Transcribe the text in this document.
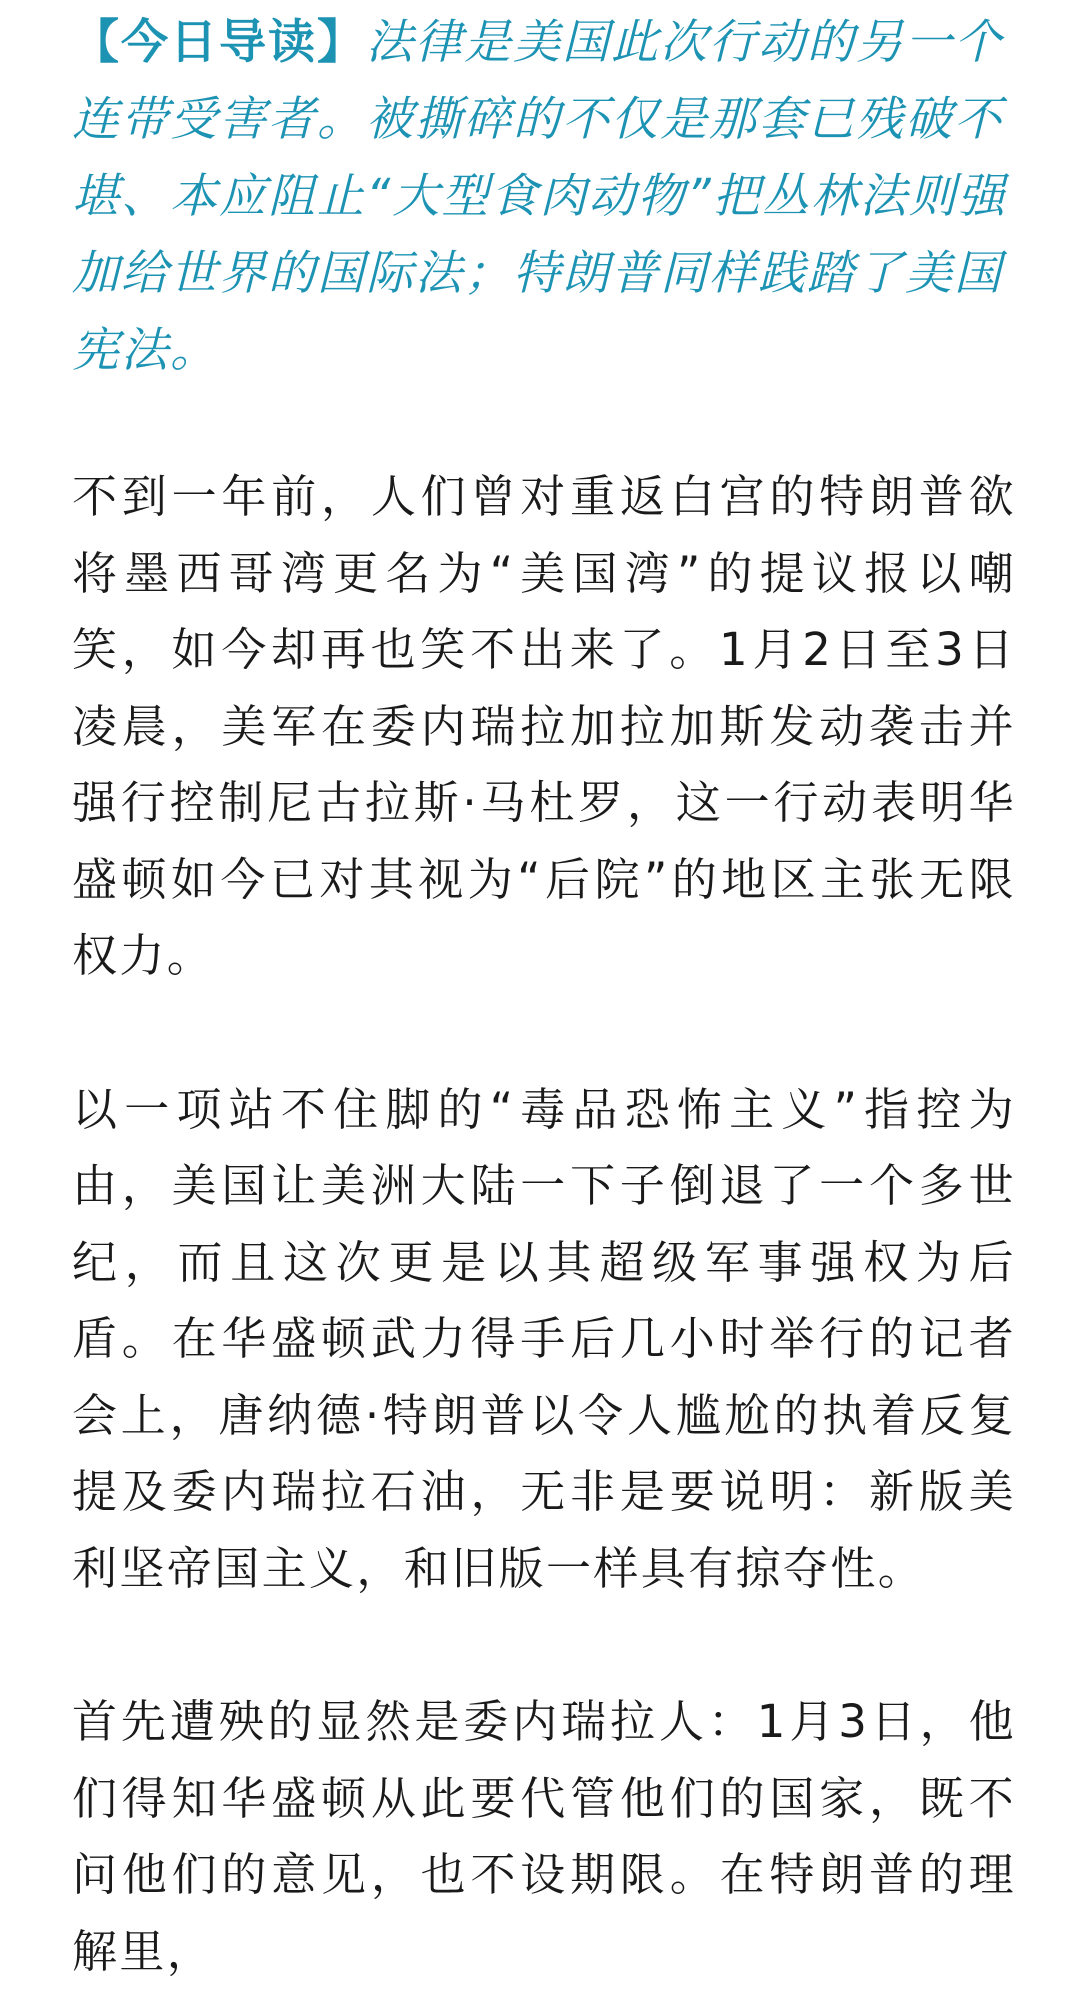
【今日导读】法律是美国此次行动的另一个连带受害者。被撕碎的不仅是那套已残破不堪、本应阻止“大型食肉动物”把丛林法则强加给世界的国际法；特朗普同样践踏了美国宪法。

不到一年前，人们曾对重返白宫的特朗普欲将墨西哥湾更名为“美国湾”的提议报以嘲笑，如今却再也笑不出来了。1月2日至3日凌晨，美军在委内瑞拉加拉加斯发动袭击并强行控制尼古拉斯·马杜罗，这一行动表明华盛顿如今已对其视为“后院”的地区主张无限权力。

以一项站不住脚的“毒品恐怖主义”指控为由，美国让美洲大陆一下子倒退了一个多世纪，而且这次更是以其超级军事强权为后盾。在华盛顿武力得手后几小时举行的记者会上，唐纳德·特朗普以令人尴尬的执着反复提及委内瑞拉石油，无非是要说明：新版美利坚帝国主义，和旧版一样具有掠夺性。

首先遭殃的显然是委内瑞拉人：1月3日，他们得知华盛顿从此要代管他们的国家，既不问他们的意见，也不设期限。在特朗普的理解里，
